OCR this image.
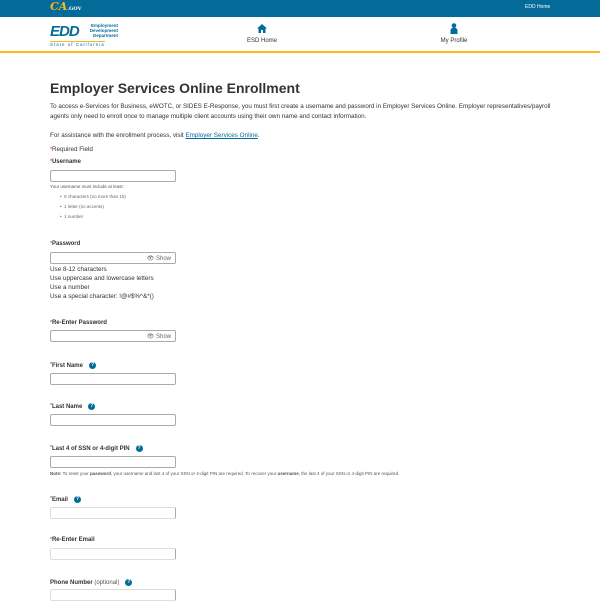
CA.GOV	EDD Home
EDD	Employment
Development
Department
State of California
ESD Home	My Profile
Employer Services Online Enrollment

To access e-Services for Business, eWOTC, or SIDES E-Response, you must first create a username and password in Employer Services Online. Employer representatives/payroll agents only need to enroll once to manage multiple client accounts using their own name and contact information.

For assistance with the enrollment process, visit Employer Services Online.

*Required Field

*Username
Your username must include at least:
•  8 characters (no more than 15)
•  1 letter (no accents)
•  1 number
*Password
👁 Show
Use 8-12 characters
Use uppercase and lowercase letters
Use a number
Use a special character: !@#$%^&*()
*Re-Enter Password
👁 Show
*First Name ?
*Last Name ?
*Last 4 of SSN or 4-digit PIN ?
Note: To reset your password, your username and last 4 of your SSN or 4-digit PIN are required. To recover your username, the last 4 of your SSN or 4-digit PIN are required.
*Email ?
*Re-Enter Email
Phone Number (optional) ?
